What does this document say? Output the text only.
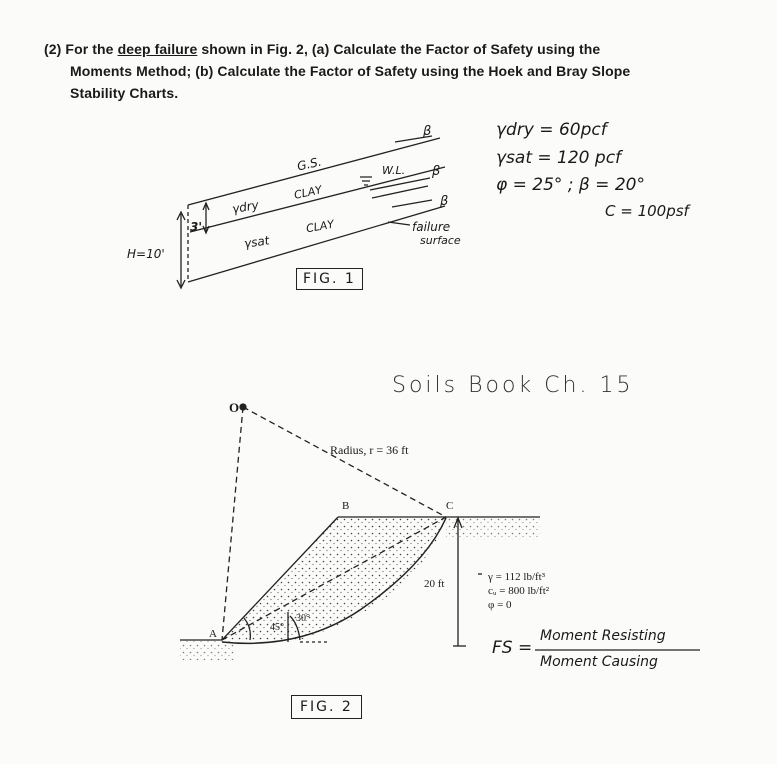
(2) For the deep failure shown in Fig. 2, (a) Calculate the Factor of Safety using the
Moments Method; (b) Calculate the Factor of Safety using the Hoek and Bray Slope
Stability Charts.
G.S.
CLAY
CLAY
γdry
γsat
W.L.
β
β
β
3'
H=10'
failure
surface
FIG. 1
γdry = 60pcf
γsat = 120 pcf
φ = 25° ; β = 20°
C = 100psf
Soils Book Ch. 15
O
Radius, r = 36 ft
B	C
A
20 ft
45°
30°
γ = 112 lb/ft³
cᵤ = 800 lb/ft²
φ = 0
FIG. 2
FS =
Moment Resisting
Moment Causing
